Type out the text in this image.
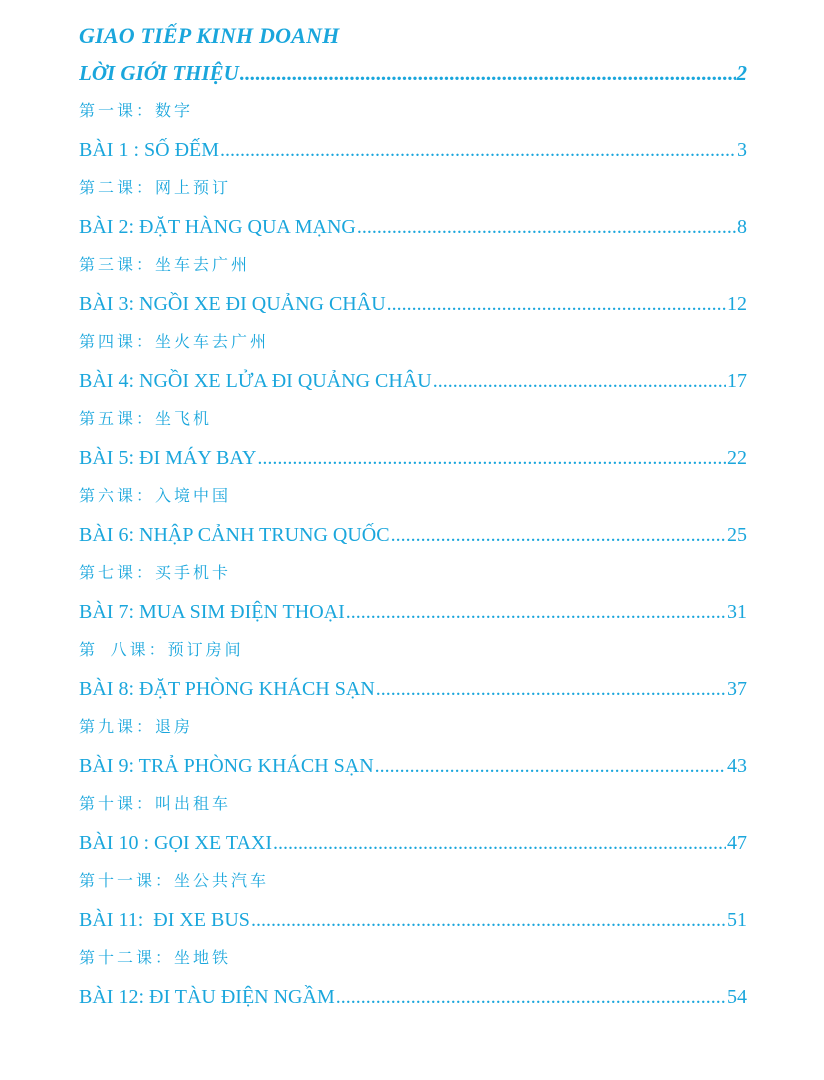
GIAO TIẾP KINH DOANH
LỜI GIỚI THIỆU .....	2
第一课：数字
BÀI 1 : SỐ ĐẾM .....	3
第二课：网上预订
BÀI 2: ĐẶT HÀNG QUA MẠNG .....	8
第三课：坐车去广州
BÀI 3: NGỒI XE ĐI QUẢNG CHÂU .....	12
第四课：坐火车去广州
BÀI 4: NGỒI XE LỬA ĐI QUẢNG CHÂU .....	17
第五课：坐飞机
BÀI 5: ĐI MÁY BAY .....	22
第六课：入境中国
BÀI 6: NHẬP CẢNH TRUNG QUỐC .....	25
第七课：买手机卡
BÀI 7: MUA SIM ĐIỆN THOẠI .....	31
第 八课：预订房间
BÀI 8: ĐẶT PHÒNG KHÁCH SẠN .....	37
第九课：退房
BÀI 9: TRẢ PHÒNG KHÁCH SẠN .....	43
第十课：叫出租车
BÀI 10 : GỌI XE TAXI .....	47
第十一课：坐公共汽车
BÀI 11:  ĐI XE BUS .....	51
第十二课：坐地铁
BÀI 12: ĐI TÀU ĐIỆN NGẦM .....	54
